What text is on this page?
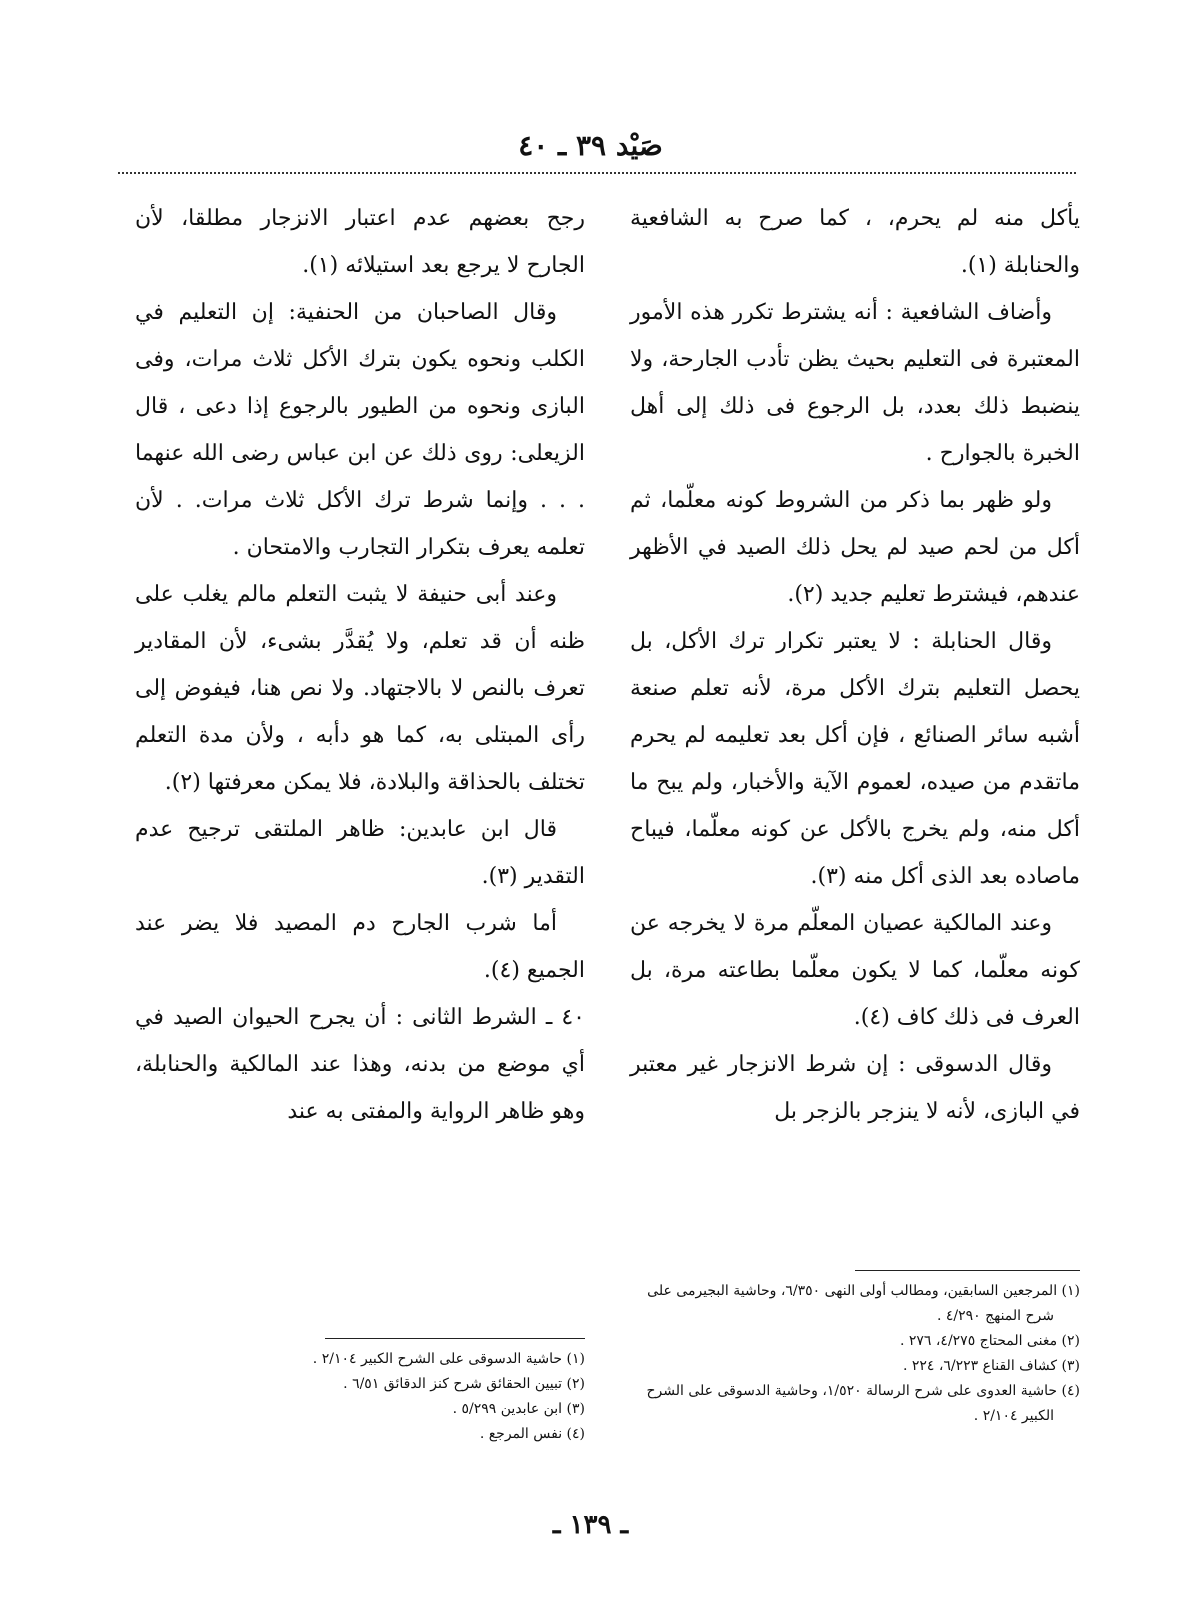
صَيْد ٣٩ ـ ٤٠

يأكل منه لم يحرم، ، كما صرح به الشافعية والحنابلة (١).

وأضاف الشافعية : أنه يشترط تكرر هذه الأمور المعتبرة فى التعليم بحيث يظن تأدب الجارحة، ولا ينضبط ذلك بعدد، بل الرجوع فى ذلك إلى أهل الخبرة بالجوارح .

ولو ظهر بما ذكر من الشروط كونه معلّما، ثم أكل من لحم صيد لم يحل ذلك الصيد في الأظهر عندهم، فيشترط تعليم جديد (٢).

وقال الحنابلة : لا يعتبر تكرار ترك الأكل، بل يحصل التعليم بترك الأكل مرة، لأنه تعلم صنعة أشبه سائر الصنائع ، فإن أكل بعد تعليمه لم يحرم ماتقدم من صيده، لعموم الآية والأخبار، ولم يبح ما أكل منه، ولم يخرج بالأكل عن كونه معلّما، فيباح ماصاده بعد الذى أكل منه (٣).

وعند المالكية عصيان المعلّم مرة لا يخرجه عن كونه معلّما، كما لا يكون معلّما بطاعته مرة، بل العرف فى ذلك كاف (٤).

وقال الدسوقى : إن شرط الانزجار غير معتبر في البازى، لأنه لا ينزجر بالزجر بل

رجح بعضهم عدم اعتبار الانزجار مطلقا، لأن الجارح لا يرجع بعد استيلائه (١).

وقال الصاحبان من الحنفية: إن التعليم في الكلب ونحوه يكون بترك الأكل ثلاث مرات، وفى البازى ونحوه من الطيور بالرجوع إذا دعى ، قال الزيعلى: روى ذلك عن ابن عباس رضى الله عنهما . . . وإنما شرط ترك الأكل ثلاث مرات. . لأن تعلمه يعرف بتكرار التجارب والامتحان .

وعند أبى حنيفة لا يثبت التعلم مالم يغلب على ظنه أن قد تعلم، ولا يُقدَّر بشىء، لأن المقادير تعرف بالنص لا بالاجتهاد. ولا نص هنا، فيفوض إلى رأى المبتلى به، كما هو دأبه ، ولأن مدة التعلم تختلف بالحذاقة والبلادة، فلا يمكن معرفتها (٢).

قال ابن عابدين: ظاهر الملتقى ترجيح عدم التقدير (٣).

أما شرب الجارح دم المصيد فلا يضر عند الجميع (٤).

٤٠ ـ الشرط الثانى : أن يجرح الحيوان الصيد في أي موضع من بدنه، وهذا عند المالكية والحنابلة، وهو ظاهر الرواية والمفتى به عند

(١) المرجعين السابقين، ومطالب أولى النهى ٦/٣٥٠، وحاشية البجيرمى على شرح المنهج ٤/٢٩٠ .

(٢) مغنى المحتاج ٤/٢٧٥، ٢٧٦ .

(٣) كشاف القناع ٦/٢٢٣، ٢٢٤ .

(٤) حاشية العدوى على شرح الرسالة ١/٥٢٠، وحاشية الدسوقى على الشرح الكبير ٢/١٠٤ .

(١) حاشية الدسوقى على الشرح الكبير ٢/١٠٤ .

(٢) تبيين الحقائق شرح كنز الدقائق ٦/٥١ .

(٣) ابن عابدين ٥/٢٩٩ .

(٤) نفس المرجع .

ـ ١٣٩ ـ
